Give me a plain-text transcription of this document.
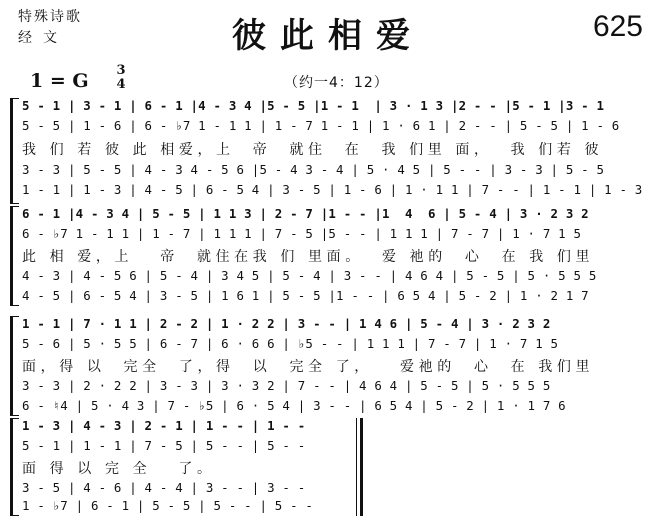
特殊诗歌
经文	彼此相爱	625
1 = G 3
4	（约一4：12）
5 - 1 | 3 - 1 | 6 - 1 |4 - 3 4 |5 - 5 |1 - 1  | 3 · 1 3 |2 - - |5 - 1 |3 - 1
5 - 5 | 1 - 6 | 6 - ♭7 1 - 1 1 | 1 - 7 1 - 1 | 1 · 6 1 | 2 - - | 5 - 5 | 1 - 6
我 们 若 彼 此 相爱，上  帝  就住  在  我 们里 面，  我 们若 彼
3 - 3 | 5 - 5 | 4 - 3 4 - 5 6 |5 - 4 3 - 4 | 5 · 4 5 | 5 - - | 3 - 3 | 5 - 5
1 - 1 | 1 - 3 | 4 - 5 | 6 - 5 4 | 3 - 5 | 1 - 6 | 1 · 1 1 | 7 - - | 1 - 1 | 1 - 3
6 - 1 |4 - 3 4 | 5 - 5 | 1 1 3 | 2 - 7 |1 - - |1  4  6 | 5 - 4 | 3 · 2 3 2
6 - ♭7 1 - 1 1 | 1 - 7 | 1 1 1 | 7 - 5 |5 - - | 1 1 1 | 7 - 7 | 1 · 7 1 5
此 相 爱，上   帝  就住在我 们 里面。  爱 祂的  心  在 我 们里
4 - 3 | 4 - 5 6 | 5 - 4 | 3 4 5 | 5 - 4 | 3 - - | 4 6 4 | 5 - 5 | 5 · 5 5 5
4 - 5 | 6 - 5 4 | 3 - 5 | 1 6 1 | 5 - 5 |1 - - | 6 5 4 | 5 - 2 | 1 · 2 1 7
1 - 1 | 7 · 1 1 | 2 - 2 | 1 · 2 2 | 3 - - | 1 4 6 | 5 - 4 | 3 · 2 3 2
5 - 6 | 5 · 5 5 | 6 - 7 | 6 · 6 6 | ♭5 - - | 1 1 1 | 7 - 7 | 1 · 7 1 5
面，得 以  完全  了，得  以  完全 了，   爱祂的  心  在 我们里
3 - 3 | 2 · 2 2 | 3 - 3 | 3 · 3 2 | 7 - - | 4 6 4 | 5 - 5 | 5 · 5 5 5
6 - ♮4 | 5 · 4 3 | 7 - ♭5 | 6 · 5 4 | 3 - - | 6 5 4 | 5 - 2 | 1 · 1 7 6
1 - 3 | 4 - 3 | 2 - 1 | 1 - - | 1 - -
5 - 1 | 1 - 1 | 7 - 5 | 5 - - | 5 - -
面 得 以 完 全   了。
3 - 5 | 4 - 6 | 4 - 4 | 3 - - | 3 - -
1 - ♭7 | 6 - 1 | 5 - 5 | 5 - - | 5 - -
